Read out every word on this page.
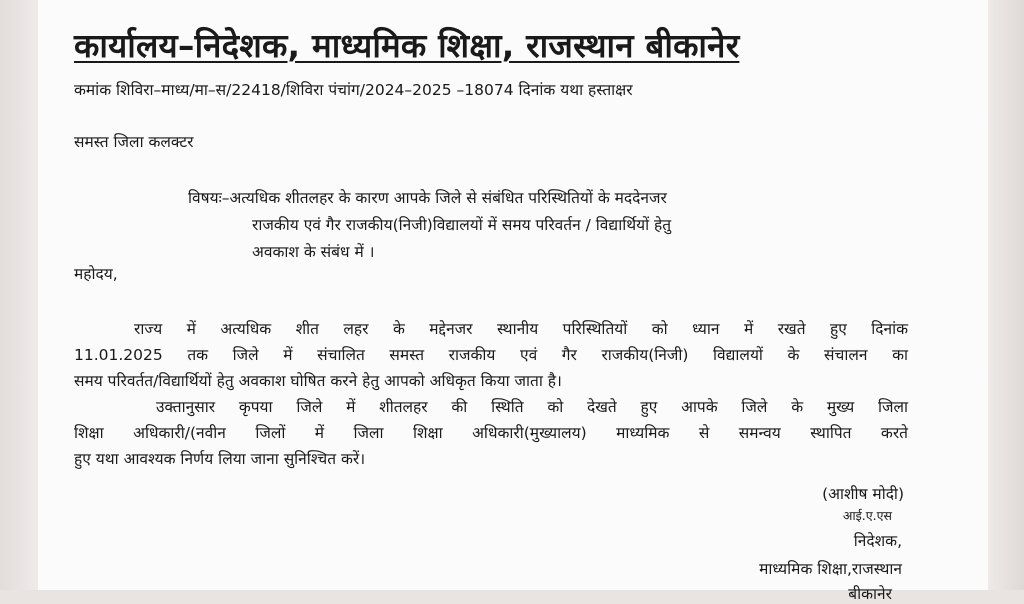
कार्यालय–निदेशक, माध्यमिक शिक्षा, राजस्थान बीकानेर
कमांक शिविरा–माध्य/मा–स/22418/शिविरा पंचांग/2024–2025 –18074 दिनांक यथा हस्ताक्षर
समस्त जिला कलक्टर
विषयः–अत्यधिक शीतलहर के कारण आपके जिले से संबंधित परिस्थितियों के मददेनजर
राजकीय एवं गैर राजकीय(निजी)विद्यालयों में समय परिवर्तन / विद्यार्थियों हेतु
अवकाश के संबंध में ।
महोदय,
राज्य में अत्यधिक शीत लहर के मद्देनजर स्थानीय परिस्थितियों को ध्यान में रखते हुए दिनांक
11.01.2025 तक जिले में संचालित समस्त राजकीय एवं गैर राजकीय(निजी) विद्यालयों के संचालन का
समय परिवर्तत/विद्यार्थियों हेतु अवकाश घोषित करने हेतु आपको अधिकृत किया जाता है।
उक्तानुसार कृपया जिले में शीतलहर की स्थिति को देखते हुए आपके जिले के मुख्य जिला
शिक्षा अधिकारी/(नवीन जिलों में जिला शिक्षा अधिकारी(मुख्यालय) माध्यमिक से समन्वय स्थापित करते
हुए यथा आवश्यक निर्णय लिया जाना सुनिश्चित करें।
(आशीष मोदी)
आई.ए.एस
निदेशक,
माध्यमिक शिक्षा,राजस्थान
बीकानेर
